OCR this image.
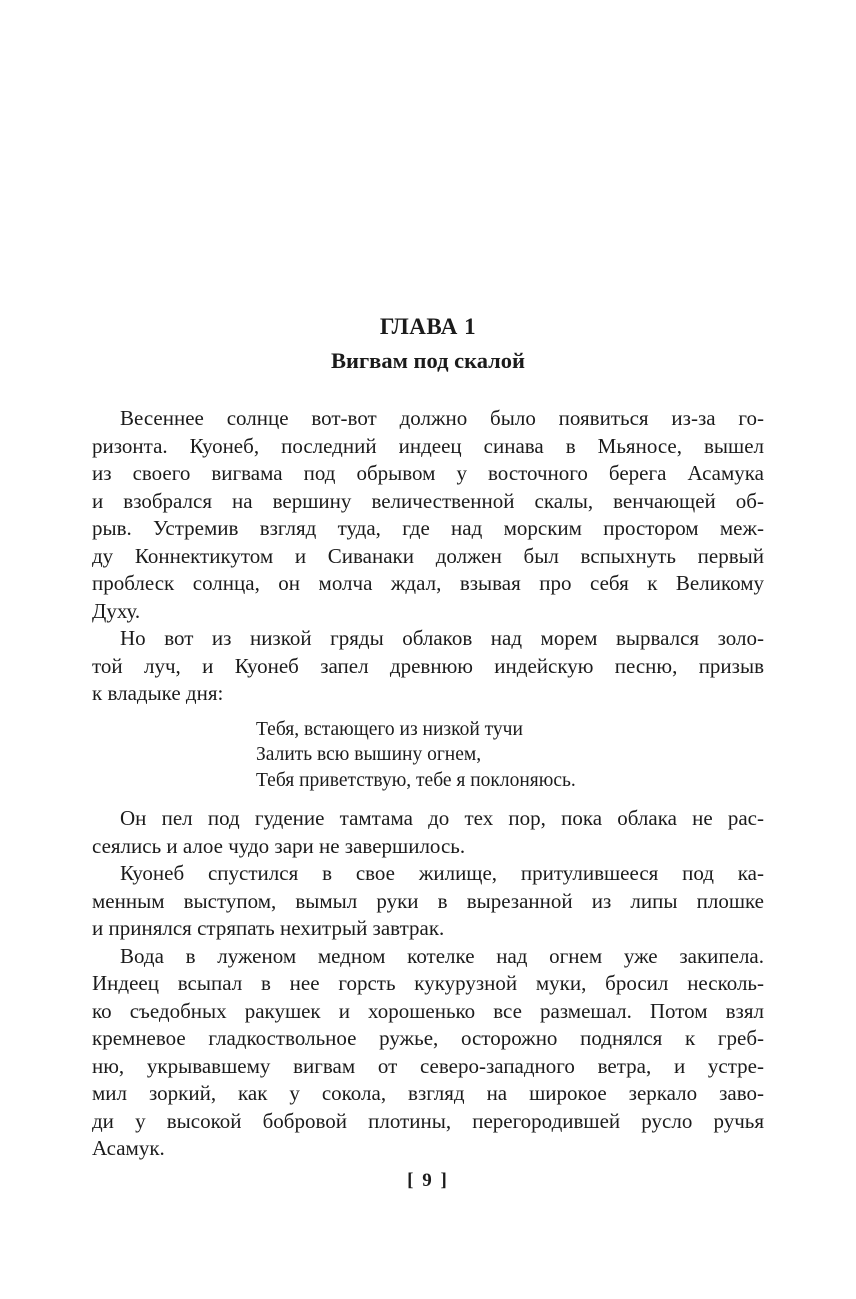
ГЛАВА 1
Вигвам под скалой
Весеннее солнце вот-вот должно было появиться из-за го-
ризонта. Куонеб, последний индеец синава в Мьяносе, вышел
из своего вигвама под обрывом у восточного берега Асамука
и взобрался на вершину величественной скалы, венчающей об-
рыв. Устремив взгляд туда, где над морским простором меж-
ду Коннектикутом и Сиванаки должен был вспыхнуть первый
проблеск солнца, он молча ждал, взывая про себя к Великому
Духу.
Но вот из низкой гряды облаков над морем вырвался золо-
той луч, и Куонеб запел древнюю индейскую песню, призыв
к владыке дня:
Тебя, встающего из низкой тучи
Залить всю вышину огнем,
Тебя приветствую, тебе я поклоняюсь.
Он пел под гудение тамтама до тех пор, пока облака не рас-
сеялись и алое чудо зари не завершилось.
Куонеб спустился в свое жилище, притулившееся под ка-
менным выступом, вымыл руки в вырезанной из липы плошке
и принялся стряпать нехитрый завтрак.
Вода в луженом медном котелке над огнем уже закипела.
Индеец всыпал в нее горсть кукурузной муки, бросил несколь-
ко съедобных ракушек и хорошенько все размешал. Потом взял
кремневое гладкоствольное ружье, осторожно поднялся к греб-
ню, укрывавшему вигвам от северо-западного ветра, и устре-
мил зоркий, как у сокола, взгляд на широкое зеркало заво-
ди у высокой бобровой плотины, перегородившей русло ручья
Асамук.
[ 9 ]
